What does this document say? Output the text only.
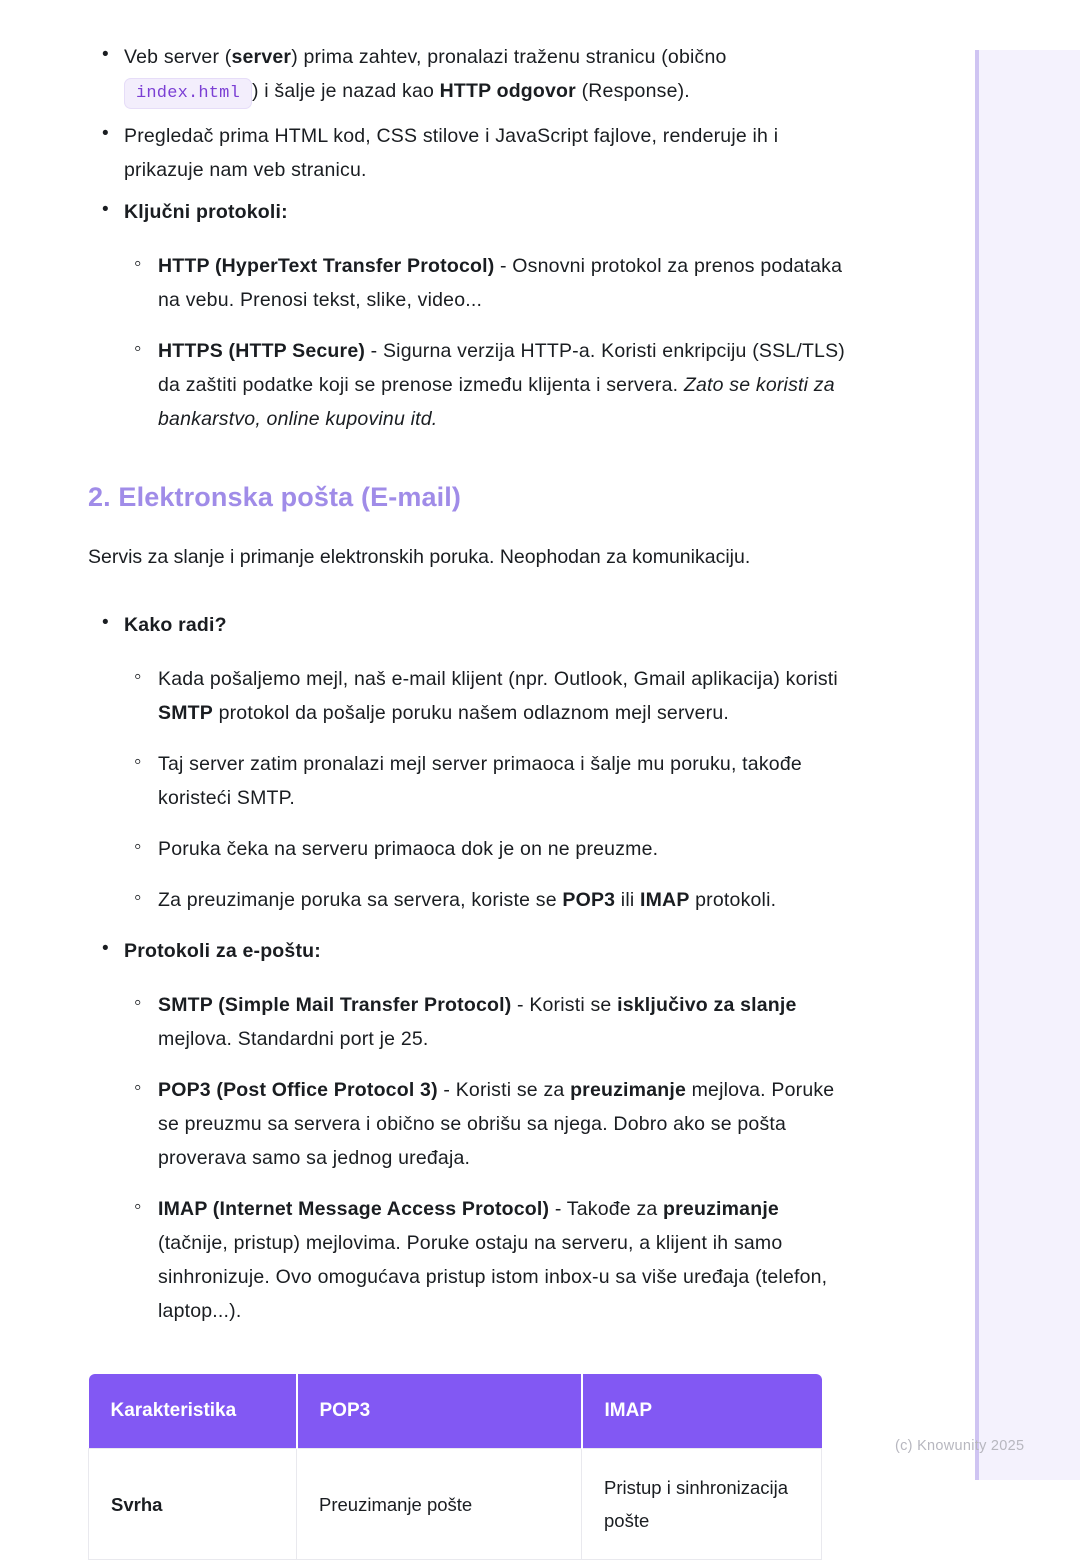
• Veb server (server) prima zahtev, pronalazi traženu stranicu (obično index.html ) i šalje je nazad kao HTTP odgovor (Response).
• Pregledač prima HTML kod, CSS stilove i JavaScript fajlove, renderuje ih i prikazuje nam veb stranicu.
• Ključni protokoli:
◦ HTTP (HyperText Transfer Protocol) - Osnovni protokol za prenos podataka na vebu. Prenosi tekst, slike, video...
◦ HTTPS (HTTP Secure) - Sigurna verzija HTTP-a. Koristi enkripciju (SSL/TLS) da zaštiti podatke koji se prenose između klijenta i servera. Zato se koristi za bankarstvo, online kupovinu itd.
2. Elektronska pošta (E-mail)

Servis za slanje i primanje elektronskih poruka. Neophodan za komunikaciju.

• Kako radi?
◦ Kada pošaljemo mejl, naš e-mail klijent (npr. Outlook, Gmail aplikacija) koristi SMTP protokol da pošalje poruku našem odlaznom mejl serveru.
◦ Taj server zatim pronalazi mejl server primaoca i šalje mu poruku, takođe koristeći SMTP.
◦ Poruka čeka na serveru primaoca dok je on ne preuzme.
◦ Za preuzimanje poruka sa servera, koriste se POP3 ili IMAP protokoli.
• Protokoli za e-poštu:
◦ SMTP (Simple Mail Transfer Protocol) - Koristi se isključivo za slanje mejlova. Standardni port je 25.
◦ POP3 (Post Office Protocol 3) - Koristi se za preuzimanje mejlova. Poruke se preuzmu sa servera i obično se obrišu sa njega. Dobro ako se pošta proverava samo sa jednog uređaja.
◦ IMAP (Internet Message Access Protocol) - Takođe za preuzimanje (tačnije, pristup) mejlovima. Poruke ostaju na serveru, a klijent ih samo sinhronizuje. Ovo omogućava pristup istom inbox-u sa više uređaja (telefon, laptop...).
Karakteristika	POP3	IMAP
Svrha	Preuzimanje pošte	Pristup i sinhronizacija pošte
(c) Knowunity 2025
